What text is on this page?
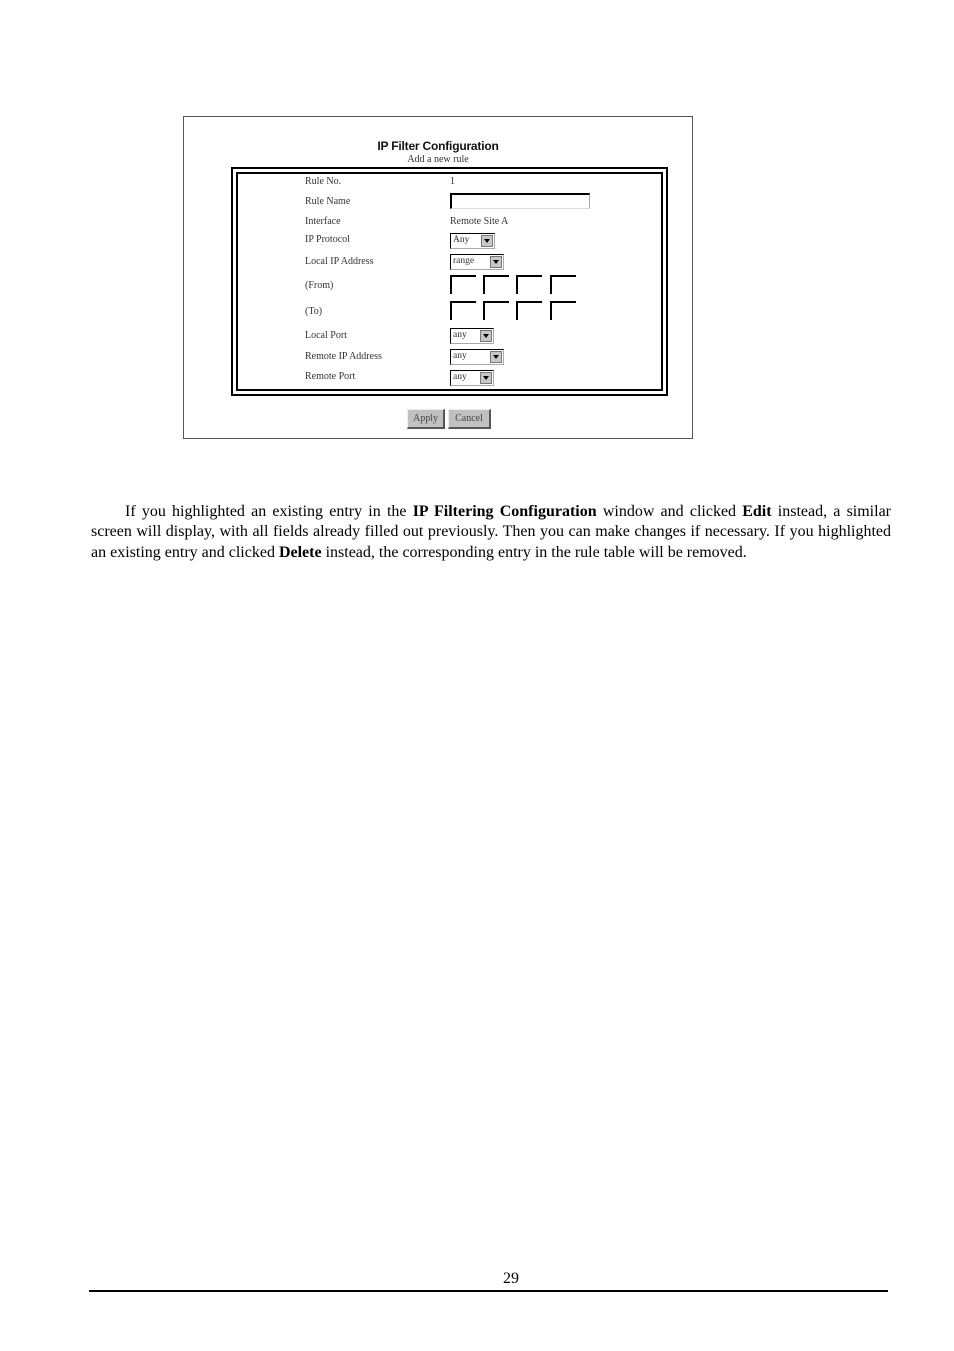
IP Filter Configuration
Add a new rule
Rule No.	1
Rule Name
Interface	Remote Site A
IP Protocol	Any
Local IP Address	range
(From)
(To)
Local Port	any
Remote IP Address	any
Remote Port	any
Apply	Cancel

If you highlighted an existing entry in the IP Filtering Configuration window and clicked Edit instead, a similar screen will display, with all fields already filled out previously. Then you can make changes if necessary. If you highlighted an existing entry and clicked Delete instead, the corresponding entry in the rule table will be removed.

29
